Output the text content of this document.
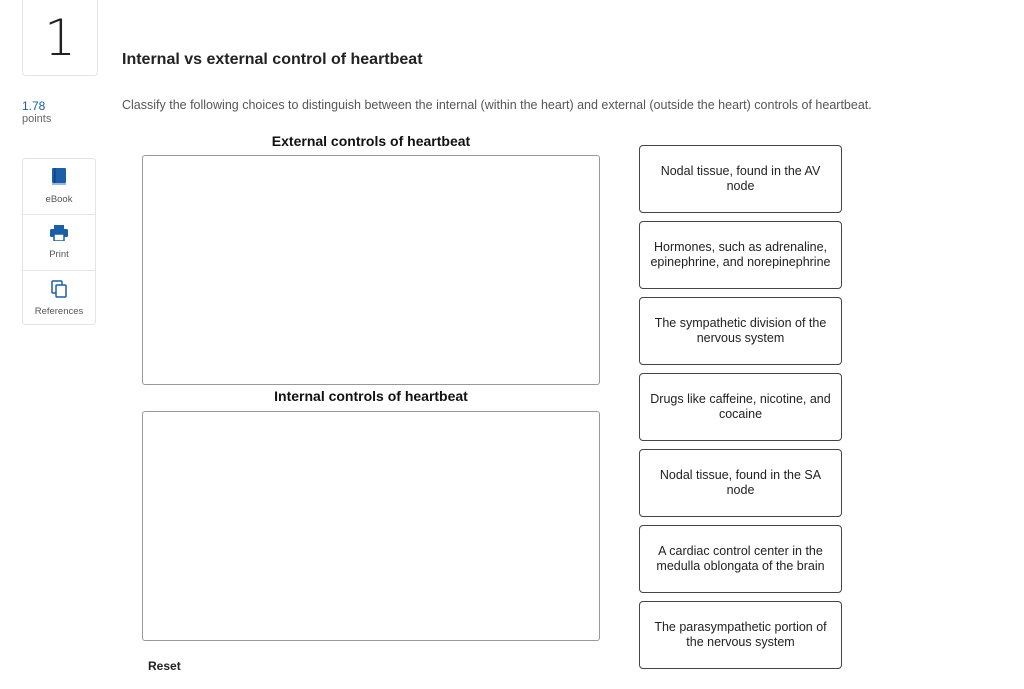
1
1.78
points
eBook
Print
References
Internal vs external control of heartbeat
Classify the following choices to distinguish between the internal (within the heart) and external (outside the heart) controls of heartbeat.
External controls of heartbeat
Internal controls of heartbeat
Nodal tissue, found in the AV node
Hormones, such as adrenaline, epinephrine, and norepinephrine
The sympathetic division of the nervous system
Drugs like caffeine, nicotine, and cocaine
Nodal tissue, found in the SA node
A cardiac control center in the medulla oblongata of the brain
The parasympathetic portion of the nervous system
Reset
